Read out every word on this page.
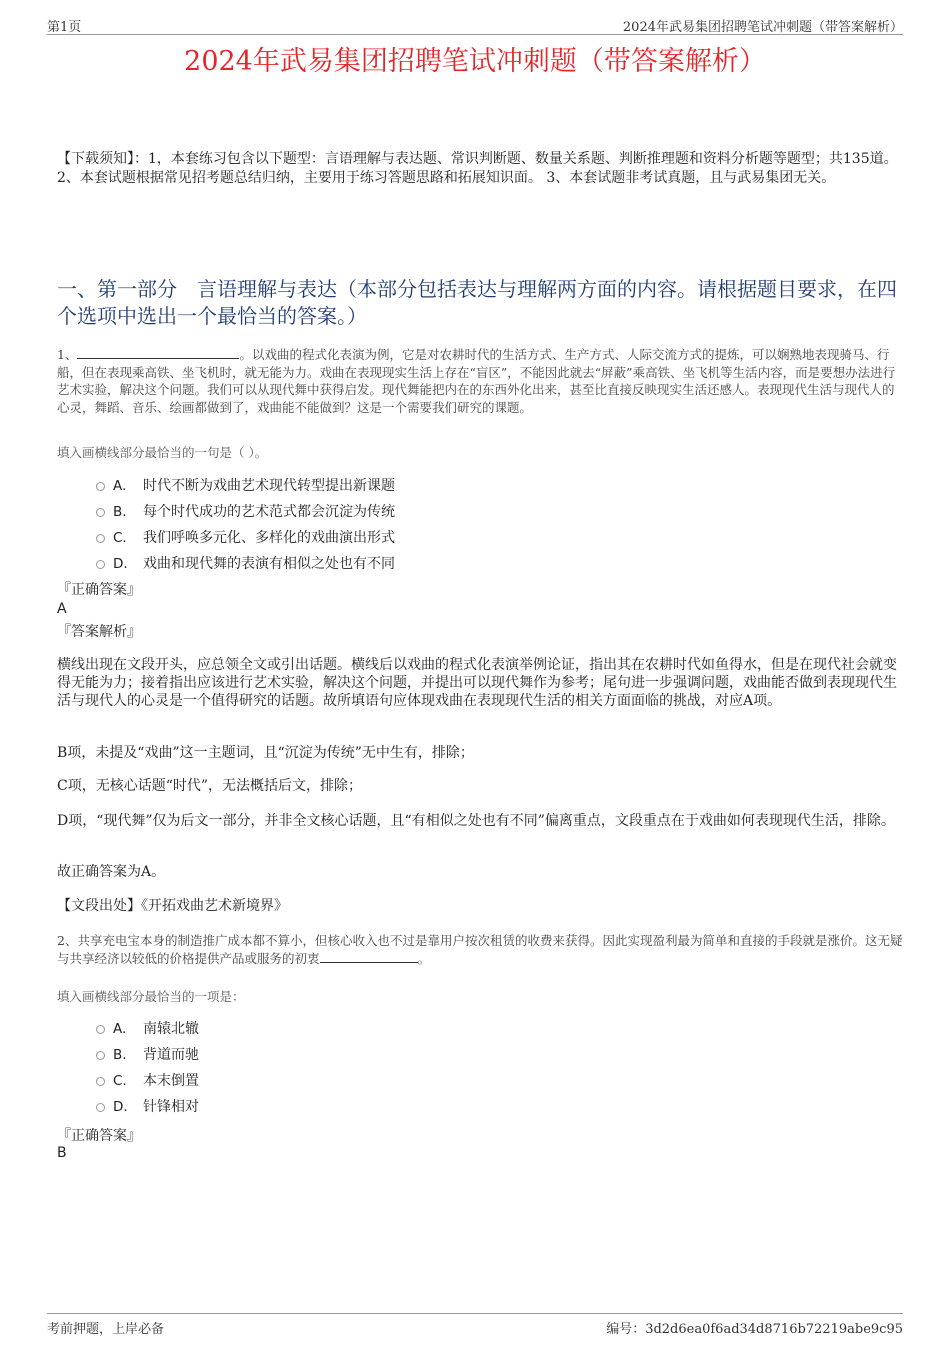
第1页	2024年武易集团招聘笔试冲刺题（带答案解析）
2024年武易集团招聘笔试冲刺题（带答案解析）
【下载须知】：1，本套练习包含以下题型：言语理解与表达题、常识判断题、数量关系题、判断推理题和资料分析题等题型；共135道。 2、本套试题根据常见招考题总结归纳，主要用于练习答题思路和拓展知识面。 3、本套试题非考试真题，且与武易集团无关。
一、第一部分　言语理解与表达（本部分包括表达与理解两方面的内容。请根据题目要求，在四个选项中选出一个最恰当的答案。）
1、	。以戏曲的程式化表演为例，它是对农耕时代的生活方式、生产方式、人际交流方式的提炼，可以娴熟地表现骑马、行船，但在表现乘高铁、坐飞机时，就无能为力。戏曲在表现现实生活上存在“盲区”，不能因此就去“屏蔽”乘高铁、坐飞机等生活内容，而是要想办法进行艺术实验，解决这个问题。我们可以从现代舞中获得启发。现代舞能把内在的东西外化出来，甚至比直接反映现实生活还感人。表现现代生活与现代人的心灵，舞蹈、音乐、绘画都做到了，戏曲能不能做到？这是一个需要我们研究的课题。
填入画横线部分最恰当的一句是（ ）。
A.	时代不断为戏曲艺术现代转型提出新课题
B.	每个时代成功的艺术范式都会沉淀为传统
C.	我们呼唤多元化、多样化的戏曲演出形式
D.	戏曲和现代舞的表演有相似之处也有不同
『正确答案』
A
『答案解析』
横线出现在文段开头，应总领全文或引出话题。横线后以戏曲的程式化表演举例论证，指出其在农耕时代如鱼得水，但是在现代社会就变得无能为力；接着指出应该进行艺术实验，解决这个问题，并提出可以现代舞作为参考；尾句进一步强调问题，戏曲能否做到表现现代生活与现代人的心灵是一个值得研究的话题。故所填语句应体现戏曲在表现现代生活的相关方面面临的挑战，对应A项。
B项，未提及“戏曲”这一主题词，且“沉淀为传统”无中生有，排除；
C项，无核心话题“时代”，无法概括后文，排除；
D项，“现代舞”仅为后文一部分，并非全文核心话题，且“有相似之处也有不同”偏离重点，文段重点在于戏曲如何表现现代生活，排除。
故正确答案为A。
【文段出处】《开拓戏曲艺术新境界》
2、共享充电宝本身的制造推广成本都不算小，但核心收入也不过是靠用户按次租赁的收费来获得。因此实现盈利最为简单和直接的手段就是涨价。这无疑与共享经济以较低的价格提供产品或服务的初衷	。
填入画横线部分最恰当的一项是：
A.	南辕北辙
B.	背道而驰
C.	本末倒置
D.	针锋相对
『正确答案』
B
考前押题，上岸必备	编号：3d2d6ea0f6ad34d8716b72219abe9c95
